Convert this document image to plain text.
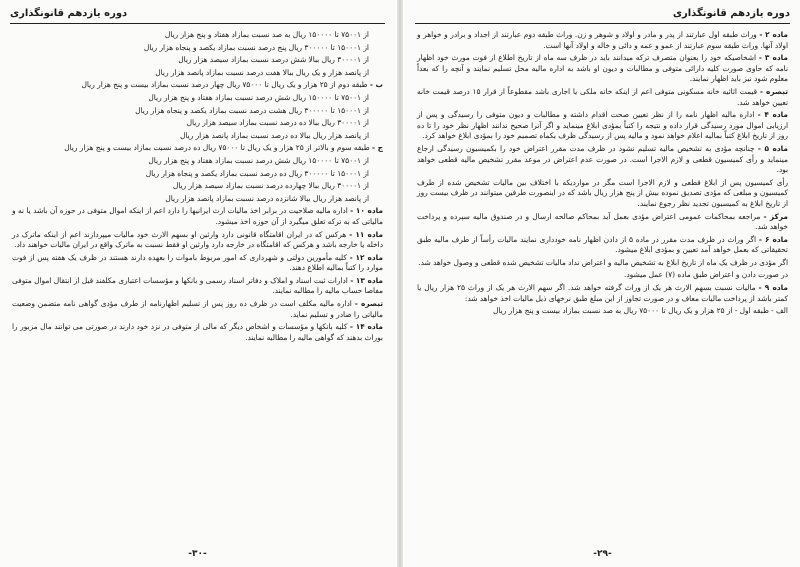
دوره یازدهم قانونگذاری

از ۷۵۰۰۱ تا ۱۵۰۰۰۰ ریال به صد نسبت بمازاد هفتاد و پنج هزار ریال

از ۱۵۰۰۰۱ تا ۳۰۰۰۰۰ ریال پنج درصد نسبت بمازاد یکصد و پنجاه هزار ریال

از ۳۰۰۰۰۱ ریال ببالا شش درصد نسبت بمازاد سیصد هزار ریال

از پانصد هزار و یک ریال ببالا هفت درصد نسبت بمازاد پانصد هزار ریال

ب - طبقه دوم از ۲۵ هزار و یک ریال تا ۷۵۰۰۰ ریال چهار درصد نسبت بمازاد بیست و پنج هزار ریال

از ۷۵۰۰۱ تا ۱۵۰۰۰۰ ریال شش درصد نسبت بمازاد هفتاد و پنج هزار ریال

از ۱۵۰۰۰۱ تا ۳۰۰۰۰۰ ریال هشت درصد نسبت بمازاد یکصد و پنجاه هزار ریال

از ۳۰۰۰۰۱ ریال ببالا ده درصد نسبت بمازاد سیصد هزار ریال

از پانصد هزار ریال ببالا ده درصد نسبت بمازاد پانصد هزار ریال

ج - طبقه سوم و بالاتر از ۲۵ هزار و یک ریال تا ۷۵۰۰۰ ریال ده درصد نسبت بمازاد بیست و پنج هزار ریال

از ۷۵۰۰۱ تا ۱۵۰۰۰۰ ریال شش درصد نسبت بمازاد هفتاد و پنج هزار ریال

از ۱۵۰۰۰۱ تا ۳۰۰۰۰۰ ریال ده درصد نسبت بمازاد یکصد و پنجاه هزار ریال

از ۳۰۰۰۰۱ ریال ببالا چهارده درصد نسبت بمازاد سیصد هزار ریال

از پانصد هزار ریال ببالا شانزده درصد نسبت بمازاد پانصد هزار ریال

ماده ۱۰ - اداره مالیه صلاحیت در برابر اخذ مالیات ارث ایرانیها را دارد اعم از اینکه اموال متوفی در حوزه آن باشد یا نه و مالیاتی که به ترکه تعلق میگیرد از آن حوزه اخذ میشود.

ماده ۱۱ - هرکس که در ایران اقامتگاه قانونی دارد وارثین او بسهم الارث خود مالیات میپردازند اعم از اینکه ماترک در داخله یا خارجه باشد و هرکس که اقامتگاه در خارجه دارد وارثین او فقط نسبت به ماترک واقع در ایران مالیات خواهند داد.

ماده ۱۲ - کلیه مأمورین دولتی و شهرداری که امور مربوط باموات را بعهده دارند هستند در ظرف یک هفته پس از فوت موارد را کتباً بمالیه اطلاع دهند.

ماده ۱۳ - ادارات ثبت اسناد و املاک و دفاتر اسناد رسمی و بانکها و مؤسسات اعتباری مکلفند قبل از انتقال اموال متوفی مفاصا حساب مالیه را مطالبه نمایند.

تبصره - اداره مالیه مکلف است در ظرف ده روز پس از تسلیم اظهارنامه از طرف مؤدی گواهی نامه متضمن وضعیت مالیاتی را صادر و تسلیم نماید.

ماده ۱۴ - کلیه بانکها و مؤسسات و اشخاص دیگر که مالی از متوفی در نزد خود دارند در صورتی می توانند مال مزبور را بوراث بدهند که گواهی مالیه را مطالبه نمایند.

-۳۰-
دوره یازدهم قانونگذاری

ماده ۲ - وراث طبقه اول عبارتند از پدر و مادر و اولاد و شوهر و زن. وراث طبقه دوم عبارتند از اجداد و برادر و خواهر و اولاد آنها. وراث طبقه سوم عبارتند از عمو و عمه و دائی و خاله و اولاد آنها است.

ماده ۳ - اشخاصیکه خود را بعنوان متصرف ترکه میدانند باید در ظرف سه ماه از تاریخ اطلاع از فوت مورث خود اظهار نامه که حاوی صورت کلیه دارائی متوفی و مطالبات و دیون او باشد به اداره مالیه محل تسلیم نمایند و آنچه را که بعداً معلوم شود نیز باید اظهار نمایند.

تبصره - قیمت اثاثیه خانه مسکونی متوفی اعم از اینکه خانه ملکی یا اجاری باشد مقطوعاً از قرار ۱۵ درصد قیمت خانه تعیین خواهد شد.

ماده ۴ - اداره مالیه اظهار نامه را از نظر تعیین صحت اقدام داشته و مطالبات و دیون متوفی را رسیدگی و پس از ارزیابی اموال مورد رسیدگی قرار داده و نتیجه را کتباً بمؤدی ابلاغ مینماید و اگر آنرا صحیح ندانند اظهار نظر خود را تا ده روز از تاریخ ابلاغ کتباً بمالیه اعلام خواهد نمود و مالیه پس از رسیدگی ظرف یکماه تصمیم خود را بمؤدی ابلاغ خواهد کرد.

ماده ۵ - چنانچه مؤدی به تشخیص مالیه تسلیم نشود در ظرف مدت مقرر اعتراض خود را بکمیسیون رسیدگی ارجاع مینماید و رأی کمیسیون قطعی و لازم الاجرا است. در صورت عدم اعتراض در موعد مقرر تشخیص مالیه قطعی خواهد بود.

رأی کمیسیون پس از ابلاغ قطعی و لازم الاجرا است مگر در مواردیکه با اختلاف بین مالیات تشخیص شده از طرف کمیسیون و مبلغی که مؤدی تصدیق نموده بیش از پنج هزار ریال باشد که در اینصورت طرفین میتوانند در ظرف بیست روز از تاریخ ابلاغ به کمیسیون تجدید نظر رجوع نمایند.

مرکز - مراجعه بمحاکمات عمومی اعتراض مؤدی بعمل آید بمحاکم صالحه ارسال و در صندوق مالیه سپرده و پرداخت خواهد شد.

ماده ۶ - اگر وراث در ظرف مدت مقرر در ماده ۵ از دادن اظهار نامه خودداری نمایند مالیات رأساً از طرف مالیه طبق تحقیقاتی که بعمل خواهد آمد تعیین و بمؤدی ابلاغ میشود.

اگر مؤدی در ظرف یک ماه از تاریخ ابلاغ به تشخیص مالیه و اعتراض نداد مالیات تشخیص شده قطعی و وصول خواهد شد.

در صورت دادن و اعتراض طبق ماده (۷) عمل میشود.

ماده ۹ - مالیات نسبت بسهم الارث هر یک از وراث گرفته خواهد شد. اگر سهم الارث هر یک از وراث ۲۵ هزار ریال یا کمتر باشد از پرداخت مالیات معاف و در صورت تجاوز از این مبلغ طبق نرخهای ذیل مالیات اخذ خواهد شد:

الف - طبقه اول - از ۲۵ هزار و یک ریال تا ۷۵۰۰۰ ریال به صد نسبت بمازاد بیست و پنج هزار ریال

-۲۹-
